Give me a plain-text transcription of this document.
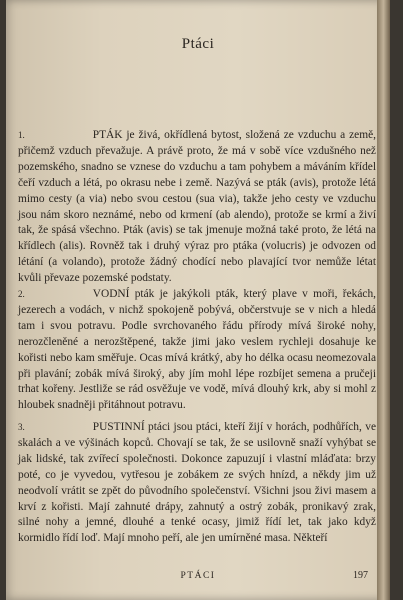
Ptáci

1.	PTÁK je živá, okřídlená bytost, složená ze vzduchu a země, přičemž vzduch převažuje. A právě proto, že má v sobě více vzdušného než pozemského, snadno se vznese do vzduchu a tam pohybem a máváním křídel čeří vzduch a létá, po okrasu nebe i země. Nazývá se pták (avis), protože létá mimo cesty (a via) nebo svou cestou (sua via), takže jeho cesty ve vzduchu jsou nám skoro neznámé, nebo od krmení (ab alendo), protože se krmí a živí tak, že spásá všechno. Pták (avis) se tak jmenuje možná také proto, že létá na křídlech (alis). Rovněž tak i druhý výraz pro ptáka (volucris) je odvozen od létání (a volando), protože žádný chodící nebo plavající tvor nemůže létat kvůli převaze pozemské podstaty.

2.	VODNÍ pták je jakýkoli pták, který plave v moři, řekách, jezerech a vodách, v nichž spokojeně pobývá, občerstvuje se v nich a hledá tam i svou potravu. Podle svrchovaného řádu přírody mívá široké nohy, nerozčleněné a nerozštěpené, takže jimi jako veslem rychleji dosahuje ke kořisti nebo kam směřuje. Ocas mívá krátký, aby ho délka ocasu neomezovala při plavání; zobák mívá široký, aby jím mohl lépe rozbíjet semena a pručeji trhat kořeny. Jestliže se rád osvěžuje ve vodě, mívá dlouhý krk, aby si mohl z hloubek snadněji přitáhnout potravu.

3.	PUSTINNÍ ptáci jsou ptáci, kteří žijí v horách, podhůřích, ve skalách a ve výšinách kopců. Chovají se tak, že se usilovně snaží vyhýbat se jak lidské, tak zvířecí společnosti. Dokonce zapuzují i vlastní mláďata: brzy poté, co je vyvedou, vytřesou je zobákem ze svých hnízd, a někdy jim už neodvolí vrátit se zpět do původního společenství. Všichni jsou živi masem a krví z kořisti. Mají zahnuté drápy, zahnutý a ostrý zobák, pronikavý zrak, silné nohy a jemné, dlouhé a tenké ocasy, jimiž řídí let, tak jako když kormidlo řídí loď. Mají mnoho peří, ale jen umírněné masa. Někteří

PTÁCI	197
